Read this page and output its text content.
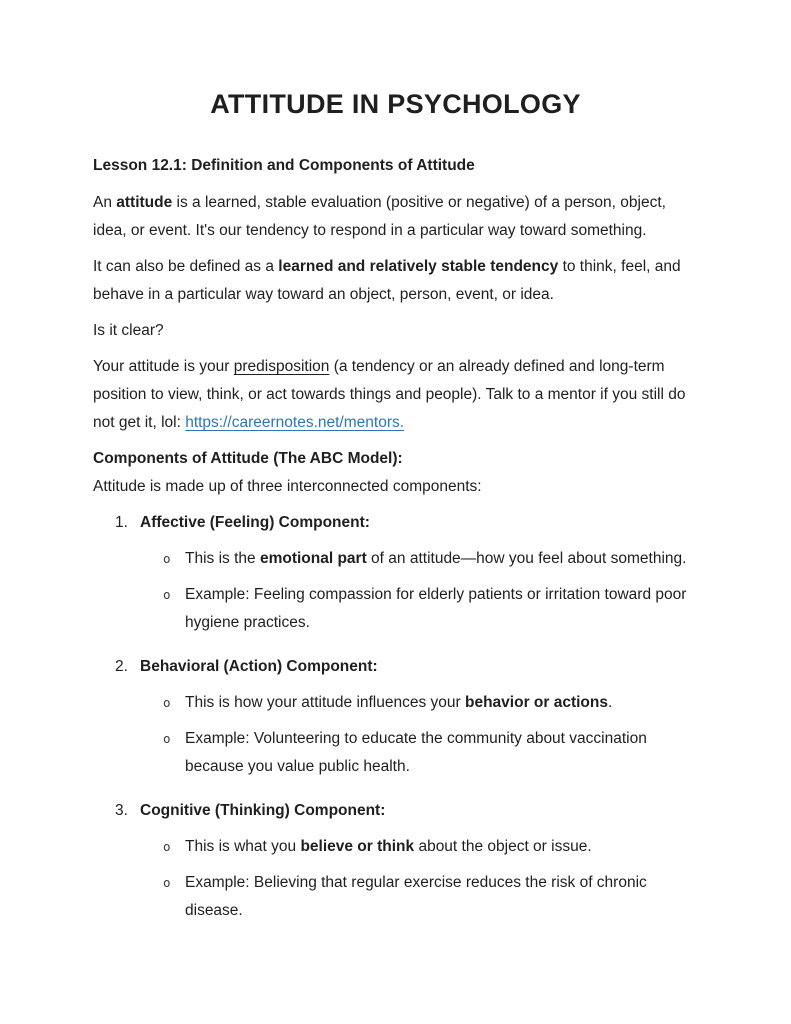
ATTITUDE IN PSYCHOLOGY
Lesson 12.1: Definition and Components of Attitude

An attitude is a learned, stable evaluation (positive or negative) of a person, object, idea, or event. It's our tendency to respond in a particular way toward something.

It can also be defined as a learned and relatively stable tendency to think, feel, and behave in a particular way toward an object, person, event, or idea.

Is it clear?

Your attitude is your predisposition (a tendency or an already defined and long-term position to view, think, or act towards things and people). Talk to a mentor if you still do not get it, lol: https://careernotes.net/mentors.

Components of Attitude (The ABC Model):

Attitude is made up of three interconnected components:

1. Affective (Feeling) Component:
o This is the emotional part of an attitude—how you feel about something.
o Example: Feeling compassion for elderly patients or irritation toward poor hygiene practices.
2. Behavioral (Action) Component:
o This is how your attitude influences your behavior or actions.
o Example: Volunteering to educate the community about vaccination because you value public health.
3. Cognitive (Thinking) Component:
o This is what you believe or think about the object or issue.
o Example: Believing that regular exercise reduces the risk of chronic disease.
